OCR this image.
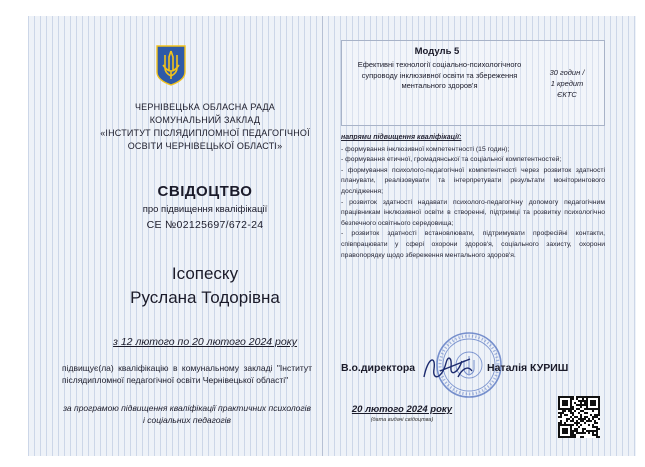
ЧЕРНІВЕЦЬКА ОБЛАСНА РАДА
КОМУНАЛЬНИЙ ЗАКЛАД
«ІНСТИТУТ ПІСЛЯДИПЛОМНОЇ ПЕДАГОГІЧНОЇ
ОСВІТИ ЧЕРНІВЕЦЬКОЇ ОБЛАСТІ»
СВІДОЦТВО
про підвищення кваліфікації
СЕ №02125697/672-24
Ісопеску
Руслана Тодорівна
з 12 лютого по 20 лютого 2024 року
підвищує(ла) кваліфікацію в комунальному закладі "Інститут післядипломної педагогічної освіти Чернівецької області"
за програмою підвищення кваліфікації практичних психологів і соціальних педагогів
Модуль 5
Ефективні технології соціально-психологічного супроводу інклюзивної освіти та збереження ментального здоров'я
30 годин /
1 кредит
ЄКТС
напрями підвищення кваліфікації:
- формування інклюзивної компетентності (15 годин);
- формування етичної, громадянської та соціальної компетентностей;
- формування психолого-педагогічної компетентності через розвиток здатності планувати, реалізовувати та інтерпретувати результати моніторингового дослідження;
- розвиток здатності надавати психолого-педагогічну допомогу педагогічним працівникам інклюзивної освіти в створенні, підтримці та розвитку психологічно безпечного освітнього середовища;
- розвиток здатності встановлювати, підтримувати професійні контакти, співпрацювати у сфері охорони здоров'я, соціального захисту, охорони правопорядку щодо збереження ментального здоров'я.
В.о.директора	Наталія КУРИШ
20 лютого 2024 року
(дата видачі свідоцтва)
